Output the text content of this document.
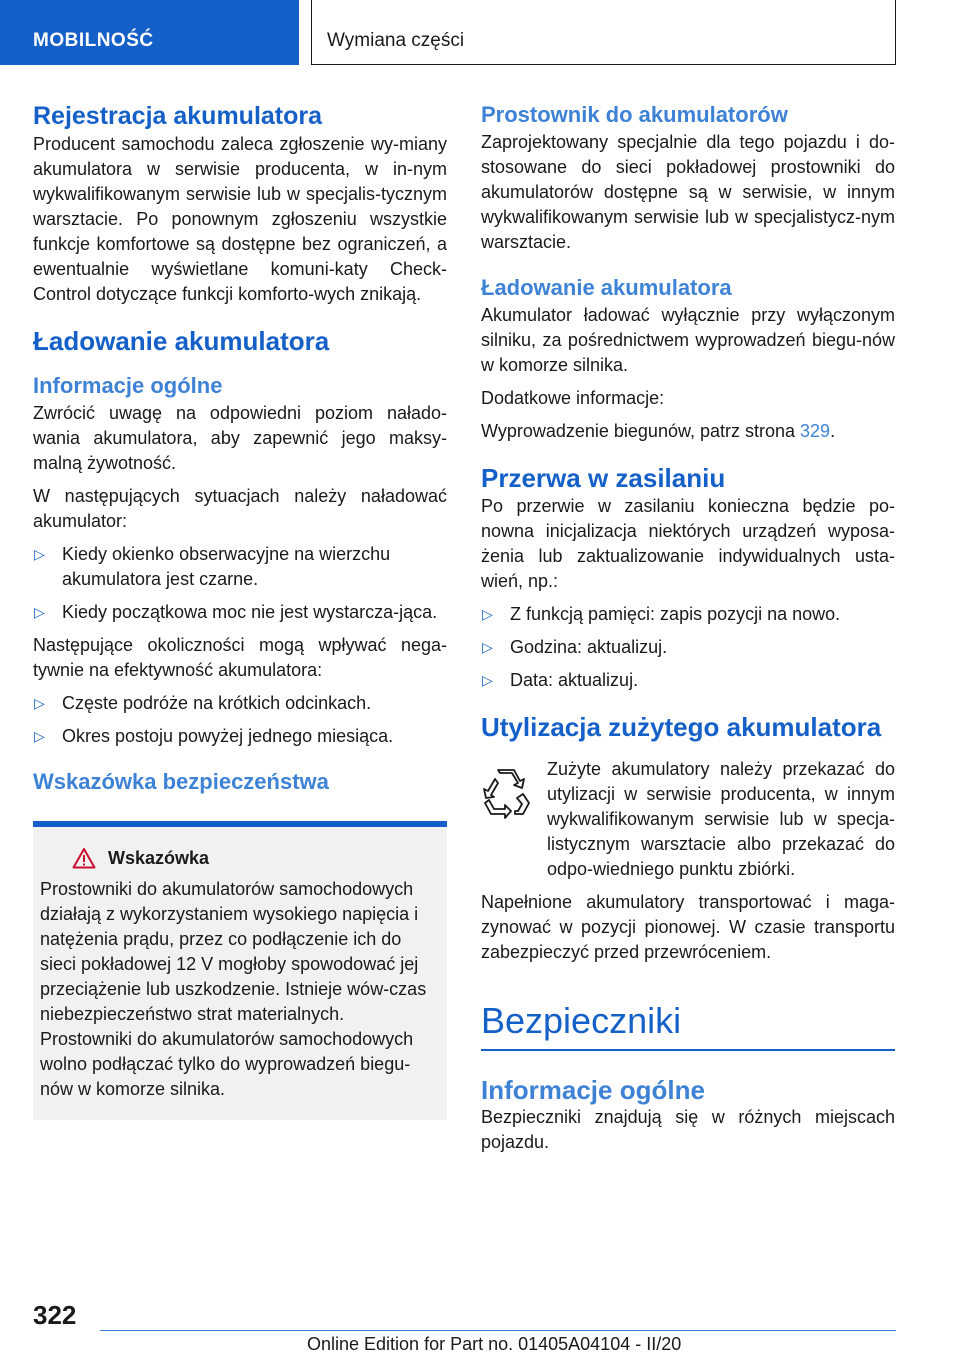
MOBILNOŚĆ	Wymiana części
Rejestracja akumulatora

Producent samochodu zaleca zgłoszenie wy-miany akumulatora w serwisie producenta, w in-nym wykwalifikowanym serwisie lub w specjalis-tycznym warsztacie. Po ponownym zgłoszeniu wszystkie funkcje komfortowe są dostępne bez ograniczeń, a ewentualnie wyświetlane komuni-katy Check-Control dotyczące funkcji komforto-wych znikają.

Ładowanie akumulatora
Informacje ogólne

Zwrócić uwagę na odpowiedni poziom nałado-wania akumulatora, aby zapewnić jego maksy-malną żywotność.

W następujących sytuacjach należy naładować akumulator:

▷ Kiedy okienko obserwacyjne na wierzchu akumulatora jest czarne.
▷ Kiedy początkowa moc nie jest wystarcza-jąca.

Następujące okoliczności mogą wpływać nega-tywnie na efektywność akumulatora:

▷ Częste podróże na krótkich odcinkach.
▷ Okres postoju powyżej jednego miesiąca.
Wskazówka bezpieczeństwa
Wskazówka

Prostowniki do akumulatorów samochodowych działają z wykorzystaniem wysokiego napięcia i natężenia prądu, przez co podłączenie ich do sieci pokładowej 12 V mogłoby spowodować jej przeciążenie lub uszkodzenie. Istnieje wów-czas niebezpieczeństwo strat materialnych. Prostowniki do akumulatorów samochodowych wolno podłączać tylko do wyprowadzeń biegu-nów w komorze silnika.

Prostownik do akumulatorów

Zaprojektowany specjalnie dla tego pojazdu i do-stosowane do sieci pokładowej prostowniki do akumulatorów dostępne są w serwisie, w innym wykwalifikowanym serwisie lub w specjalistycz-nym warsztacie.

Ładowanie akumulatora

Akumulator ładować wyłącznie przy wyłączonym silniku, za pośrednictwem wyprowadzeń biegu-nów w komorze silnika.

Dodatkowe informacje:

Wyprowadzenie biegunów, patrz strona 329.

Przerwa w zasilaniu

Po przerwie w zasilaniu konieczna będzie po-nowna inicjalizacja niektórych urządzeń wyposa-żenia lub zaktualizowanie indywidualnych usta-wień, np.:

▷ Z funkcją pamięci: zapis pozycji na nowo.
▷ Godzina: aktualizuj.
▷ Data: aktualizuj.
Utylizacja zużytego akumulatora

Zużyte akumulatory należy przekazać do utylizacji w serwisie producenta, w innym wykwalifikowanym serwisie lub w specja-listycznym warsztacie albo przekazać do odpo-wiedniego punktu zbiórki.

Napełnione akumulatory transportować i maga-zynować w pozycji pionowej. W czasie transportu zabezpieczyć przed przewróceniem.

Bezpieczniki
Informacje ogólne

Bezpieczniki znajdują się w różnych miejscach pojazdu.

322
Online Edition for Part no. 01405A04104 - II/20
